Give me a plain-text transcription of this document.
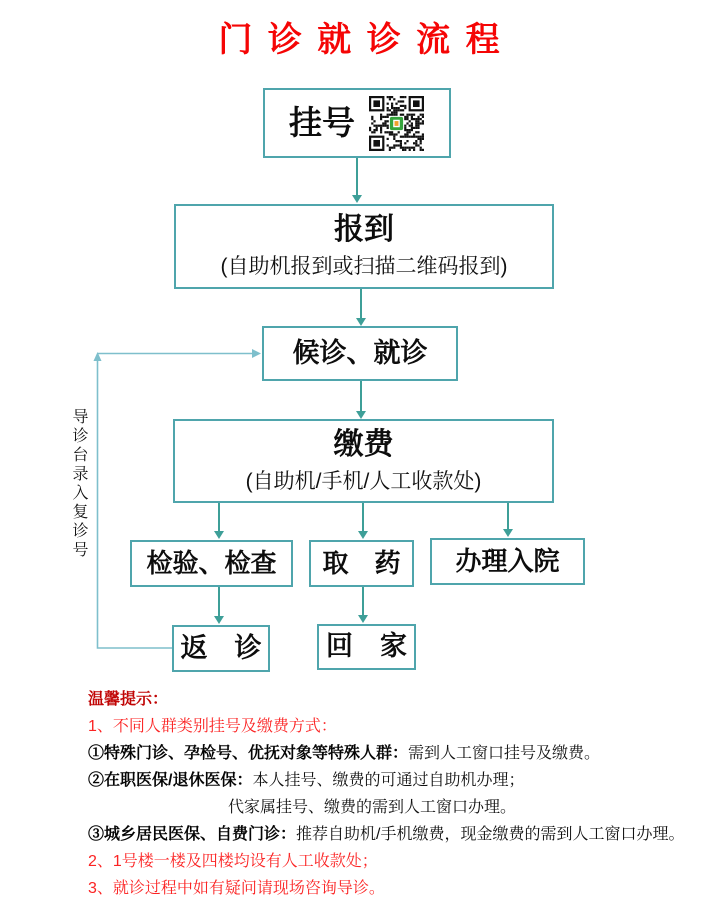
门 诊 就 诊 流 程
挂号
报到
(自助机报到或扫描二维码报到)
候诊、就诊
缴费
(自助机/手机/人工收款处)
检验、检查 取　药 办理入院
返　诊 回　家
导诊台录入复诊号
温馨提示：
1、不同人群类别挂号及缴费方式：
①特殊门诊、孕检号、优抚对象等特殊人群：需到人工窗口挂号及缴费。
②在职医保/退休医保：本人挂号、缴费的可通过自助机办理；
代家属挂号、缴费的需到人工窗口办理。
③城乡居民医保、自费门诊：推荐自助机/手机缴费，现金缴费的需到人工窗口办理。
2、1号楼一楼及四楼均设有人工收款处；
3、就诊过程中如有疑问请现场咨询导诊。
